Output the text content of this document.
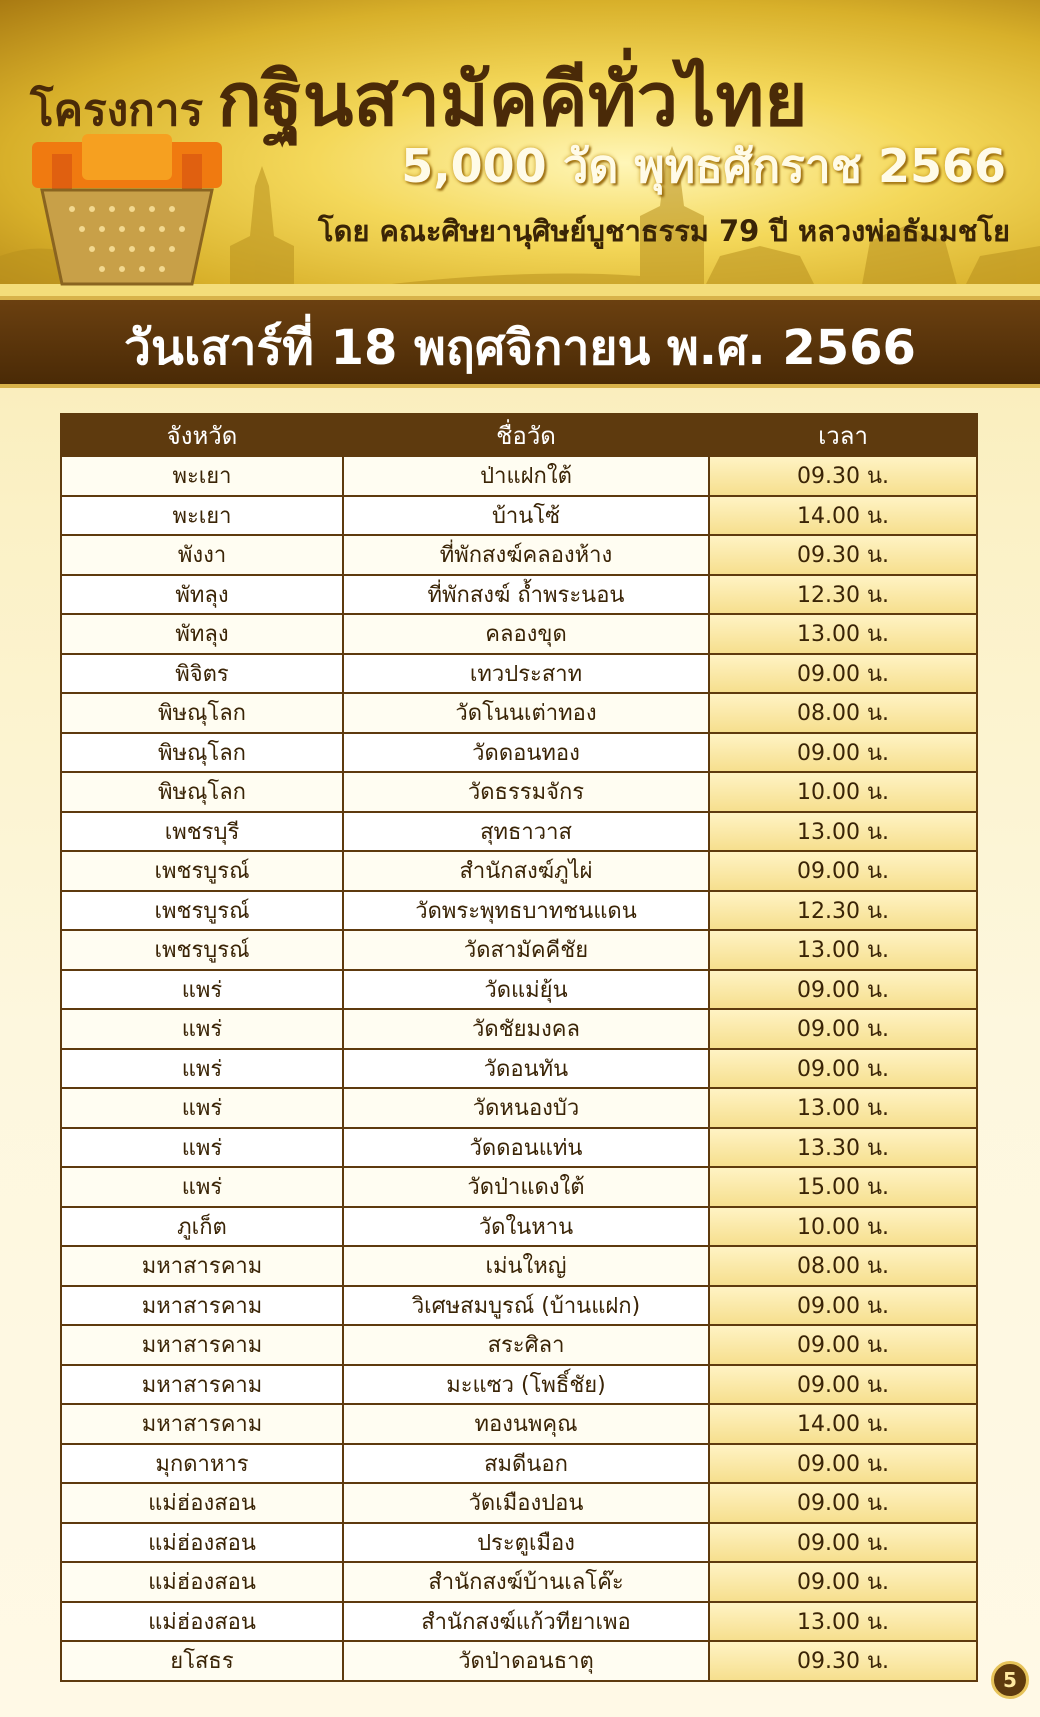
โครงการ กฐินสามัคคีทั่วไทย
5,000 วัด พุทธศักราช 2566
โดย คณะศิษยานุศิษย์บูชาธรรม 79 ปี หลวงพ่อธัมมชโย
วันเสาร์ที่ 18 พฤศจิกายน พ.ศ. 2566
จังหวัด	ชื่อวัด	เวลา
พะเยา	ป่าแฝกใต้	09.30 น.
พะเยา	บ้านโซ้	14.00 น.
พังงา	ที่พักสงฆ์คลองห้าง	09.30 น.
พัทลุง	ที่พักสงฆ์ ถ้ำพระนอน	12.30 น.
พัทลุง	คลองขุด	13.00 น.
พิจิตร	เทวประสาท	09.00 น.
พิษณุโลก	วัดโนนเต่าทอง	08.00 น.
พิษณุโลก	วัดดอนทอง	09.00 น.
พิษณุโลก	วัดธรรมจักร	10.00 น.
เพชรบุรี	สุทธาวาส	13.00 น.
เพชรบูรณ์	สำนักสงฆ์ภูไผ่	09.00 น.
เพชรบูรณ์	วัดพระพุทธบาทชนแดน	12.30 น.
เพชรบูรณ์	วัดสามัคคีชัย	13.00 น.
แพร่	วัดแม่ยุ้น	09.00 น.
แพร่	วัดชัยมงคล	09.00 น.
แพร่	วัดอนทัน	09.00 น.
แพร่	วัดหนองบัว	13.00 น.
แพร่	วัดดอนแท่น	13.30 น.
แพร่	วัดป่าแดงใต้	15.00 น.
ภูเก็ต	วัดในหาน	10.00 น.
มหาสารคาม	เม่นใหญ่	08.00 น.
มหาสารคาม	วิเศษสมบูรณ์ (บ้านแฝก)	09.00 น.
มหาสารคาม	สระศิลา	09.00 น.
มหาสารคาม	มะแซว (โพธิ์ชัย)	09.00 น.
มหาสารคาม	ทองนพคุณ	14.00 น.
มุกดาหาร	สมดีนอก	09.00 น.
แม่ฮ่องสอน	วัดเมืองปอน	09.00 น.
แม่ฮ่องสอน	ประตูเมือง	09.00 น.
แม่ฮ่องสอน	สำนักสงฆ์บ้านเลโค๊ะ	09.00 น.
แม่ฮ่องสอน	สำนักสงฆ์แก้วทียาเพอ	13.00 น.
ยโสธร	วัดป่าดอนธาตุ	09.30 น.
5
